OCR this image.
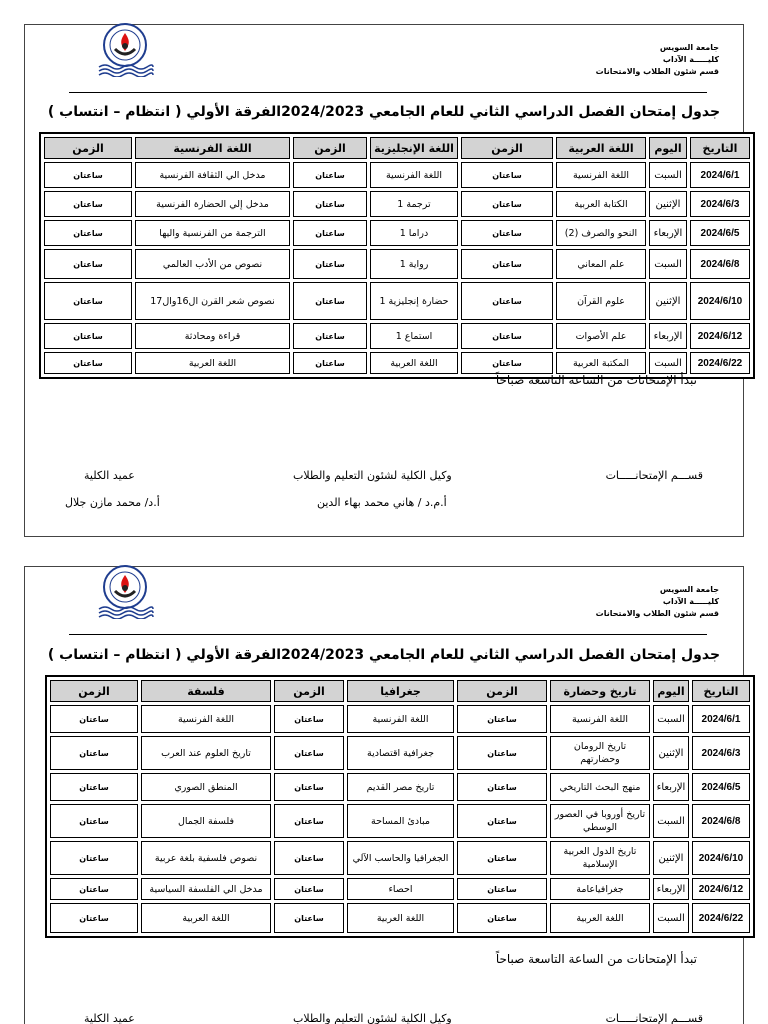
جامعة السويس
كليـــــة الآداب
قسم شئون الطلاب والامتحانات
جدول إمتحان الفصل الدراسي الثاني للعام الجامعي 2024/2023الفرقة الأولي ( انتظام – انتساب )
التاريخ	اليوم	اللغة العربية	الزمن	اللغة الإنجليزية	الزمن	اللغة الفرنسية	الزمن
2024/6/1	السبت	اللغة الفرنسية	ساعتان	اللغة الفرنسية	ساعتان	مدخل الي الثقافة الفرنسية	ساعتان
2024/6/3	الإثنين	الكتابة العربية	ساعتان	ترجمة 1	ساعتان	مدخل إلي الحضارة الفرنسية	ساعتان
2024/6/5	الإربعاء	النحو والصرف (2)	ساعتان	دراما 1	ساعتان	الترجمة من الفرنسية واليها	ساعتان
2024/6/8	السبت	علم المعاني	ساعتان	رواية 1	ساعتان	نصوص من الأدب العالمي	ساعتان
2024/6/10	الإثنين	علوم القرآن	ساعتان	حضارة إنجليزية 1	ساعتان	نصوص شعر القرن ال16وال17	ساعتان
2024/6/12	الإربعاء	علم الأصوات	ساعتان	استماع 1	ساعتان	قراءة ومحادثة	ساعتان
2024/6/22	السبت	المكتبة العربية	ساعتان	اللغة العربية	ساعتان	اللغة العربية	ساعتان
تبدأ الإمتحانات من الساعة التاسعة صباحاً
قســـم الإمتحانـــــات
وكيل الكلية لشئون التعليم والطلاب
أ.م.د / هاني محمد بهاء الدين
عميد الكلية
أ.د/ محمد مازن جلال
جامعة السويس
كليـــــة الآداب
قسم شئون الطلاب والامتحانات
جدول إمتحان الفصل الدراسي الثاني للعام الجامعي 2024/2023الفرقة الأولي ( انتظام – انتساب )
التاريخ	اليوم	تاريخ وحضارة	الزمن	جغرافيا	الزمن	فلسفة	الزمن
2024/6/1	السبت	اللغة الفرنسية	ساعتان	اللغة الفرنسية	ساعتان	اللغة الفرنسية	ساعتان
2024/6/3	الإثنين	تاريخ الرومان وحضارتهم	ساعتان	جغرافية اقتصادية	ساعتان	تاريخ العلوم عند العرب	ساعتان
2024/6/5	الإربعاء	منهج البحث التاريخي	ساعتان	تاريخ مصر القديم	ساعتان	المنطق الصوري	ساعتان
2024/6/8	السبت	تاريخ أوروبا في العصور الوسطي	ساعتان	مبادئ المساحة	ساعتان	فلسفة الجمال	ساعتان
2024/6/10	الإثنين	تاريخ الدول العربية الإسلامية	ساعتان	الجغرافيا والحاسب الآلي	ساعتان	نصوص فلسفية بلغة عربية	ساعتان
2024/6/12	الإربعاء	جغرافياعامة	ساعتان	احصاء	ساعتان	مدخل الي الفلسفة السياسية	ساعتان
2024/6/22	السبت	اللغة العربية	ساعتان	اللغة العربية	ساعتان	اللغة العربية	ساعتان
تبدأ الإمتحانات من الساعة التاسعة صباحاً
قســـم الإمتحانـــــات
وكيل الكلية لشئون التعليم والطلاب
عميد الكلية
